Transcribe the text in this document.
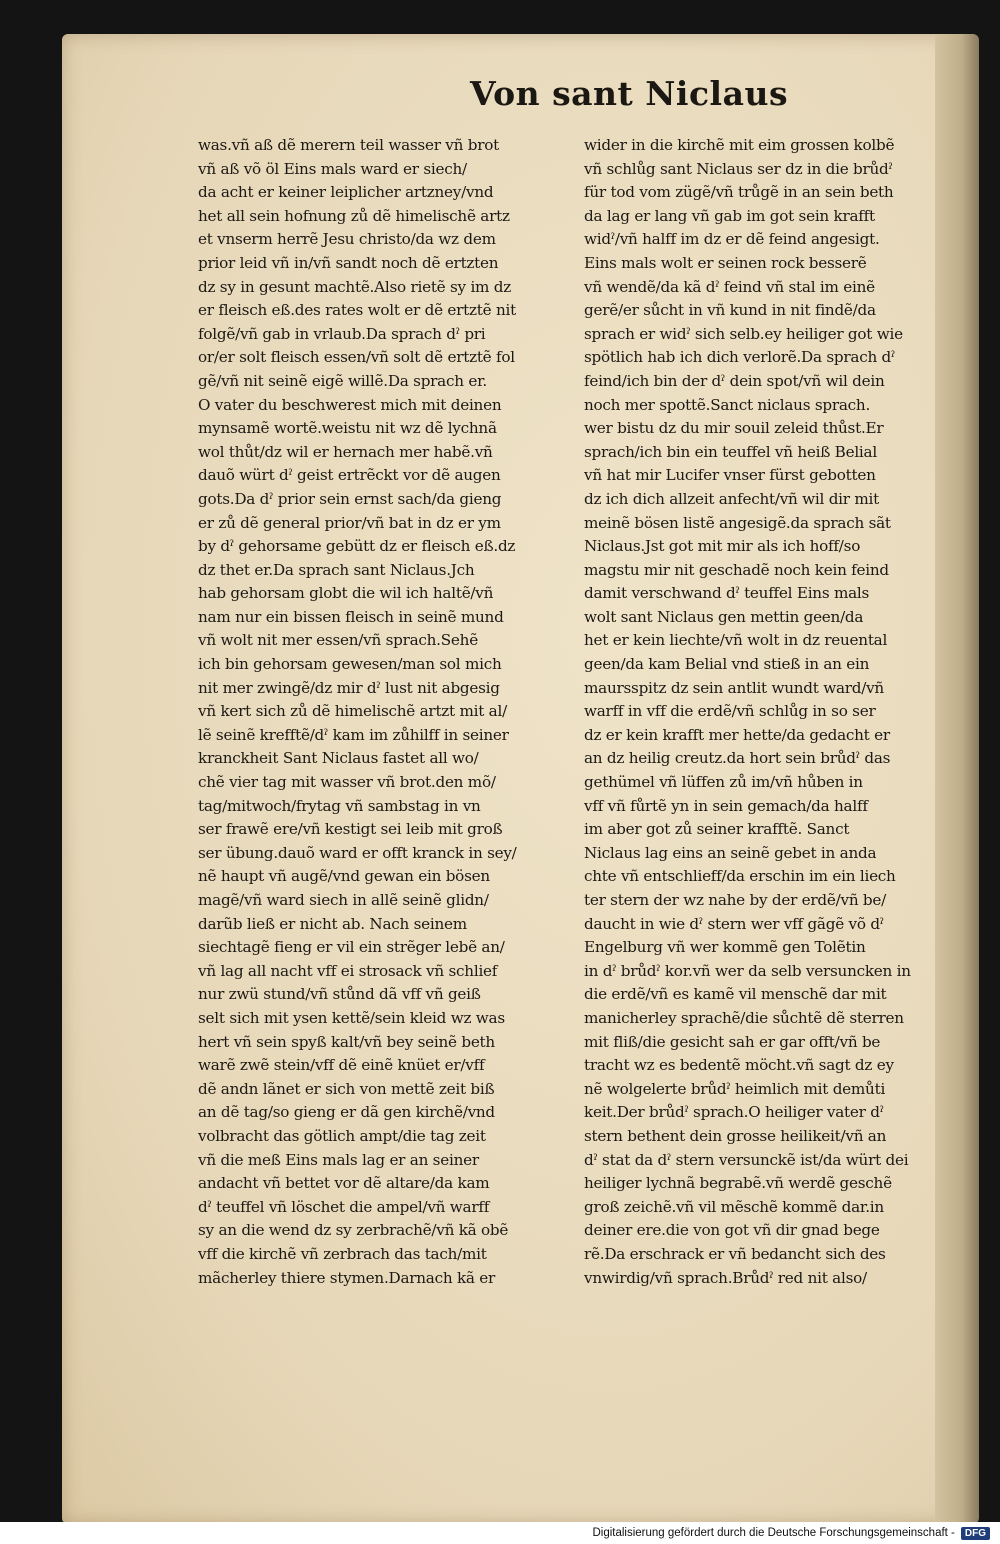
Von sant Niclaus
was.vñ aß dẽ merern teil wasser vñ brot
vñ aß võ öl Eins mals ward er siech/
da acht er keiner leiplicher artzney/vnd
het all sein hofnung zů dẽ himelischẽ artz
et vnserm herrẽ Jesu christo/da wz dem
prior leid vñ in/vñ sandt noch dẽ ertzten
dz sy in gesunt machtẽ.Also rietẽ sy im dz
er fleisch eß.des rates wolt er dẽ ertztẽ nit
folgẽ/vñ gab in vrlaub.Da sprach dˀ pri
or/er solt fleisch essen/vñ solt dẽ ertztẽ fol
gẽ/vñ nit seinẽ eigẽ willẽ.Da sprach er.
O vater du beschwerest mich mit deinen
mynsamẽ wortẽ.weistu nit wz dẽ lychnã
wol thůt/dz wil er hernach mer habẽ.vñ
dauõ würt dˀ geist ertrẽckt vor dẽ augen
gots.Da dˀ prior sein ernst sach/da gieng
er zů dẽ general prior/vñ bat in dz er ym
by dˀ gehorsame gebütt dz er fleisch eß.dz
dz thet er.Da sprach sant Niclaus.Jch
hab gehorsam globt die wil ich haltẽ/vñ
nam nur ein bissen fleisch in seinẽ mund
vñ wolt nit mer essen/vñ sprach.Sehẽ
ich bin gehorsam gewesen/man sol mich
nit mer zwingẽ/dz mir dˀ lust nit abgesig
vñ kert sich zů dẽ himelischẽ artzt mit al/
lẽ seinẽ krefftẽ/dˀ kam im zůhilff in seiner
kranckheit Sant Niclaus fastet all wo/
chẽ vier tag mit wasser vñ brot.den mõ/
tag/mitwoch/frytag vñ sambstag in vn
ser frawẽ ere/vñ kestigt sei leib mit groß
ser übung.dauõ ward er offt kranck in sey/
nẽ haupt vñ augẽ/vnd gewan ein bösen
magẽ/vñ ward siech in allẽ seinẽ glidn/
darũb ließ er nicht ab. Nach seinem
siechtagẽ fieng er vil ein strẽger lebẽ an/
vñ lag all nacht vff ei strosack vñ schlief
nur zwü stund/vñ stůnd dã vff vñ geiß
selt sich mit ysen kettẽ/sein kleid wz was
hert vñ sein spyß kalt/vñ bey seinẽ beth
warẽ zwẽ stein/vff dẽ einẽ knüet er/vff
dẽ andn lãnet er sich von mettẽ zeit biß
an dẽ tag/so gieng er dã gen kirchẽ/vnd
volbracht das götlich ampt/die tag zeit
vñ die meß Eins mals lag er an seiner
andacht vñ bettet vor dẽ altare/da kam
dˀ teuffel vñ löschet die ampel/vñ warff
sy an die wend dz sy zerbrachẽ/vñ kã obẽ
vff die kirchẽ vñ zerbrach das tach/mit
mãcherley thiere stymen.Darnach kã er
wider in die kirchẽ mit eim grossen kolbẽ
vñ schlůg sant Niclaus ser dz in die brůdˀ
für tod vom zügẽ/vñ trůgẽ in an sein beth
da lag er lang vñ gab im got sein krafft
widˀ/vñ halff im dz er dẽ feind angesigt.
Eins mals wolt er seinen rock besserẽ
vñ wendẽ/da kã dˀ feind vñ stal im einẽ
gerẽ/er sůcht in vñ kund in nit findẽ/da
sprach er widˀ sich selb.ey heiliger got wie
spötlich hab ich dich verlorẽ.Da sprach dˀ
feind/ich bin der dˀ dein spot/vñ wil dein
noch mer spottẽ.Sanct niclaus sprach.
wer bistu dz du mir souil zeleid thůst.Er
sprach/ich bin ein teuffel vñ heiß Belial
vñ hat mir Lucifer vnser fürst gebotten
dz ich dich allzeit anfecht/vñ wil dir mit
meinẽ bösen listẽ angesigẽ.da sprach sãt
Niclaus.Jst got mit mir als ich hoff/so
magstu mir nit geschadẽ noch kein feind
damit verschwand dˀ teuffel Eins mals
wolt sant Niclaus gen mettin geen/da
het er kein liechte/vñ wolt in dz reuental
geen/da kam Belial vnd stieß in an ein
maursspitz dz sein antlit wundt ward/vñ
warff in vff die erdẽ/vñ schlůg in so ser
dz er kein krafft mer hette/da gedacht er
an dz heilig creutz.da hort sein brůdˀ das
gethümel vñ lüffen zů im/vñ hůben in
vff vñ fůrtẽ yn in sein gemach/da halff
im aber got zů seiner krafftẽ. Sanct
Niclaus lag eins an seinẽ gebet in anda
chte vñ entschlieff/da erschin im ein liech
ter stern der wz nahe by der erdẽ/vñ be/
daucht in wie dˀ stern wer vff gãgẽ võ dˀ
Engelburg vñ wer kommẽ gen Tolẽtin
in dˀ brůdˀ kor.vñ wer da selb versuncken in
die erdẽ/vñ es kamẽ vil menschẽ dar mit
manicherley sprachẽ/die sůchtẽ dẽ sterren
mit fliß/die gesicht sah er gar offt/vñ be
tracht wz es bedentẽ möcht.vñ sagt dz ey
nẽ wolgelerte brůdˀ heimlich mit demůti
keit.Der brůdˀ sprach.O heiliger vater dˀ
stern bethent dein grosse heilikeit/vñ an
dˀ stat da dˀ stern versunckẽ ist/da würt dei
heiliger lychnã begrabẽ.vñ werdẽ geschẽ
groß zeichẽ.vñ vil mẽschẽ kommẽ dar.in
deiner ere.die von got vñ dir gnad bege
rẽ.Da erschrack er vñ bedancht sich des
vnwirdig/vñ sprach.Brůdˀ red nit also/
Digitalisierung gefördert durch die Deutsche Forschungsgemeinschaft -	DFG
